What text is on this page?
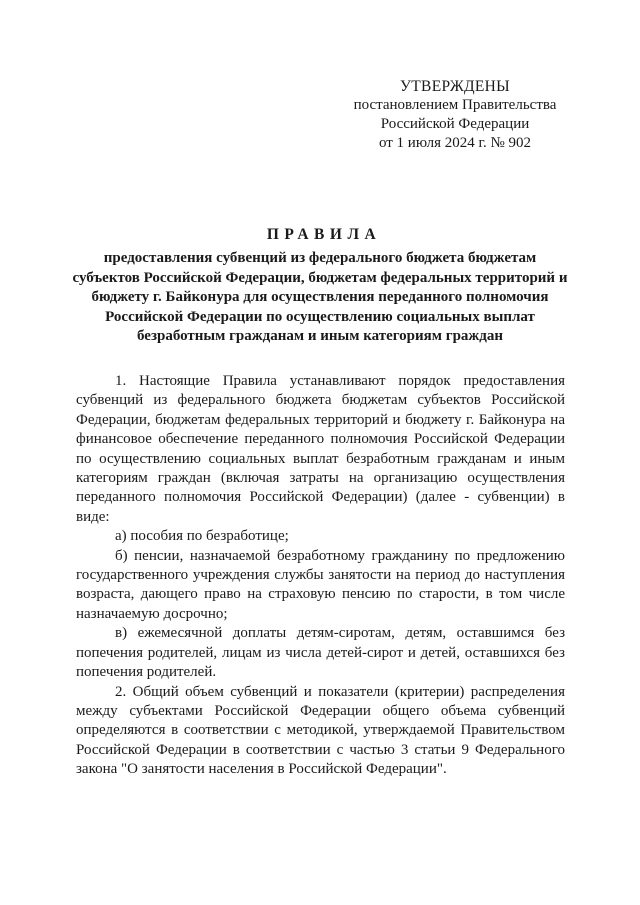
УТВЕРЖДЕНЫ
постановлением Правительства
Российской Федерации
от 1 июля 2024 г. № 902
ПРАВИЛА
предоставления субвенций из федерального бюджета бюджетам субъектов Российской Федерации, бюджетам федеральных территорий и бюджету г. Байконура для осуществления переданного полномочия Российской Федерации по осуществлению социальных выплат безработным гражданам и иным категориям граждан

1. Настоящие Правила устанавливают порядок предоставления субвенций из федерального бюджета бюджетам субъектов Российской Федерации, бюджетам федеральных территорий и бюджету г. Байконура на финансовое обеспечение переданного полномочия Российской Федерации по осуществлению социальных выплат безработным гражданам и иным категориям граждан (включая затраты на организацию осуществления переданного полномочия Российской Федерации) (далее - субвенции) в виде:

а) пособия по безработице;

б) пенсии, назначаемой безработному гражданину по предложению государственного учреждения службы занятости на период до наступления возраста, дающего право на страховую пенсию по старости, в том числе назначаемую досрочно;

в) ежемесячной доплаты детям-сиротам, детям, оставшимся без попечения родителей, лицам из числа детей-сирот и детей, оставшихся без попечения родителей.

2. Общий объем субвенций и показатели (критерии) распределения между субъектами Российской Федерации общего объема субвенций определяются в соответствии с методикой, утверждаемой Правительством Российской Федерации в соответствии с частью 3 статьи 9 Федерального закона "О занятости населения в Российской Федерации".
